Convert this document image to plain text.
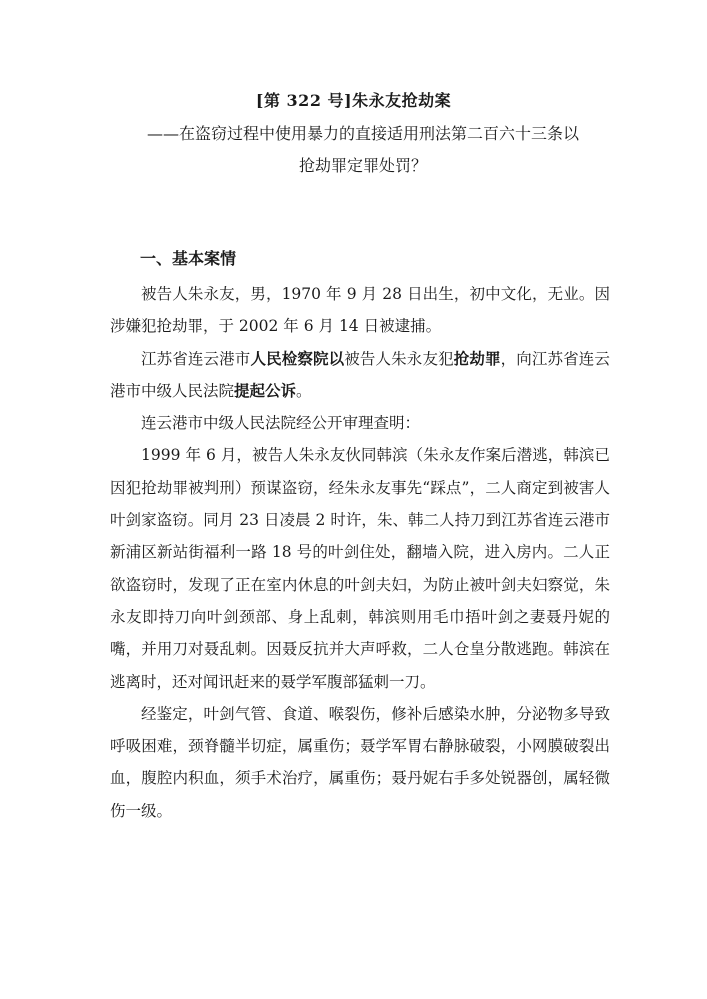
[第 322 号]朱永友抢劫案
——在盗窃过程中使用暴力的直接适用刑法第二百六十三条以
抢劫罪定罪处罚？
一、基本案情

被告人朱永友，男，1970 年 9 月 28 日出生，初中文化，无业。因涉嫌犯抢劫罪，于 2002 年 6 月 14 日被逮捕。

江苏省连云港市人民检察院以被告人朱永友犯抢劫罪，向江苏省连云港市中级人民法院提起公诉。

连云港市中级人民法院经公开审理查明：

1999 年 6 月，被告人朱永友伙同韩滨（朱永友作案后潜逃，韩滨已因犯抢劫罪被判刑）预谋盗窃，经朱永友事先“踩点”，二人商定到被害人叶剑家盗窃。同月 23 日凌晨 2 时许，朱、韩二人持刀到江苏省连云港市新浦区新站街福利一路 18 号的叶剑住处，翻墙入院，进入房内。二人正欲盗窃时，发现了正在室内休息的叶剑夫妇，为防止被叶剑夫妇察觉，朱永友即持刀向叶剑颈部、身上乱刺，韩滨则用毛巾捂叶剑之妻聂丹妮的嘴，并用刀对聂乱刺。因聂反抗并大声呼救，二人仓皇分散逃跑。韩滨在逃离时，还对闻讯赶来的聂学军腹部猛刺一刀。

经鉴定，叶剑气管、食道、喉裂伤，修补后感染水肿，分泌物多导致呼吸困难，颈脊髓半切症，属重伤；聂学军胃右静脉破裂，小网膜破裂出血，腹腔内积血，须手术治疗，属重伤；聂丹妮右手多处锐器创，属轻微伤一级。
